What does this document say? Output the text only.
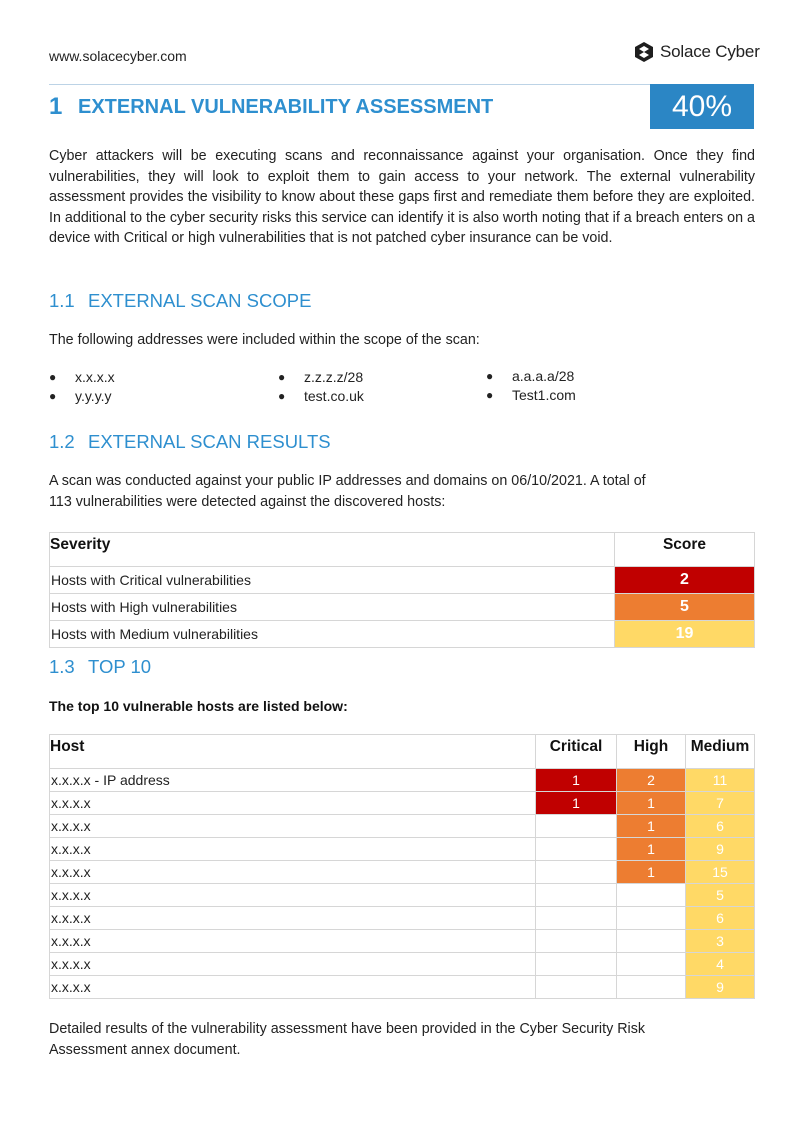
www.solacecyber.com	Solace Cyber
1 EXTERNAL VULNERABILITY ASSESSMENT	40%
Cyber attackers will be executing scans and reconnaissance against your organisation. Once they find vulnerabilities, they will look to exploit them to gain access to your network. The external vulnerability assessment provides the visibility to know about these gaps first and remediate them before they are exploited. In additional to the cyber security risks this service can identify it is also worth noting that if a breach enters on a device with Critical or high vulnerabilities that is not patched cyber insurance can be void.
1.1 EXTERNAL SCAN SCOPE
The following addresses were included within the scope of the scan:
●	x.x.x.x
●	y.y.y.y
●	z.z.z.z/28
●	test.co.uk
●	a.a.a.a/28
●	Test1.com
1.2 EXTERNAL SCAN RESULTS
A scan was conducted against your public IP addresses and domains on 06/10/2021. A total of
113 vulnerabilities were detected against the discovered hosts:
Severity	Score
Hosts with Critical vulnerabilities	2
Hosts with High vulnerabilities	5
Hosts with Medium vulnerabilities	19
1.3 TOP 10
The top 10 vulnerable hosts are listed below:
Host	Critical	High	Medium
x.x.x.x - IP address	1	2	11
x.x.x.x	1	1	7
x.x.x.x		1	6
x.x.x.x		1	9
x.x.x.x		1	15
x.x.x.x			5
x.x.x.x			6
x.x.x.x			3
x.x.x.x			4
x.x.x.x			9
Detailed results of the vulnerability assessment have been provided in the Cyber Security Risk
Assessment annex document.
